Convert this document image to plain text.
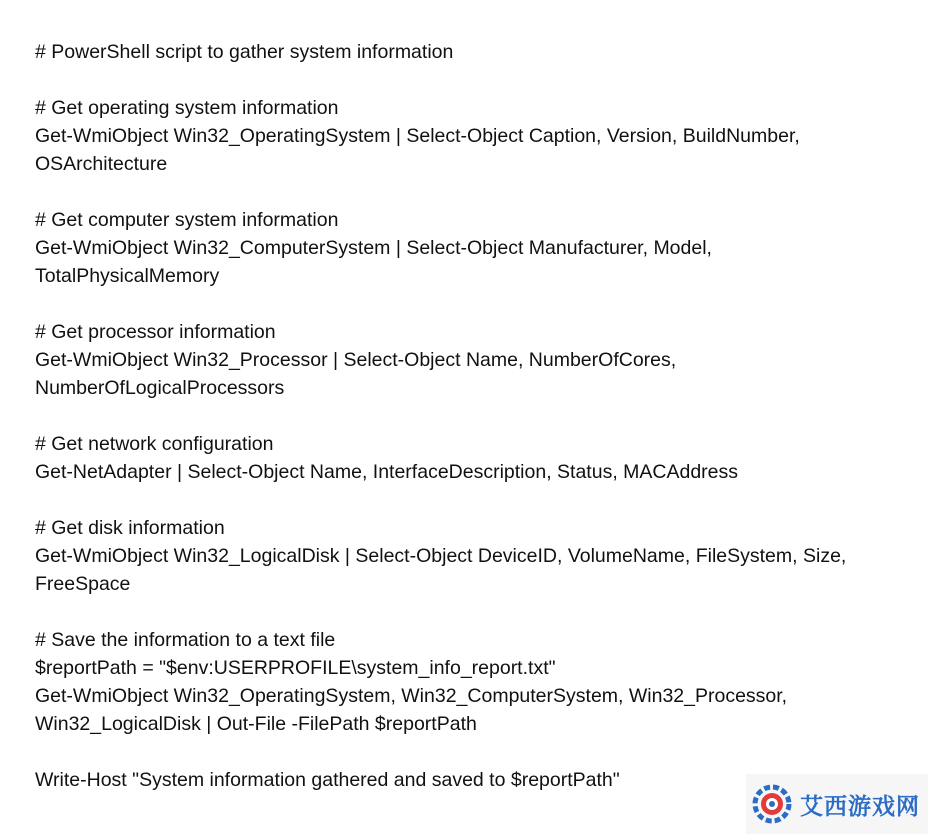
# PowerShell script to gather system information
# Get operating system information
Get-WmiObject Win32_OperatingSystem | Select-Object Caption, Version, BuildNumber,
OSArchitecture
# Get computer system information
Get-WmiObject Win32_ComputerSystem | Select-Object Manufacturer, Model,
TotalPhysicalMemory
# Get processor information
Get-WmiObject Win32_Processor | Select-Object Name, NumberOfCores,
NumberOfLogicalProcessors
# Get network configuration
Get-NetAdapter | Select-Object Name, InterfaceDescription, Status, MACAddress
# Get disk information
Get-WmiObject Win32_LogicalDisk | Select-Object DeviceID, VolumeName, FileSystem, Size,
FreeSpace
# Save the information to a text file
$reportPath = "$env:USERPROFILE\system_info_report.txt"
Get-WmiObject Win32_OperatingSystem, Win32_ComputerSystem, Win32_Processor,
Win32_LogicalDisk | Out-File -FilePath $reportPath
Write-Host "System information gathered and saved to $reportPath"
艾西游戏网
